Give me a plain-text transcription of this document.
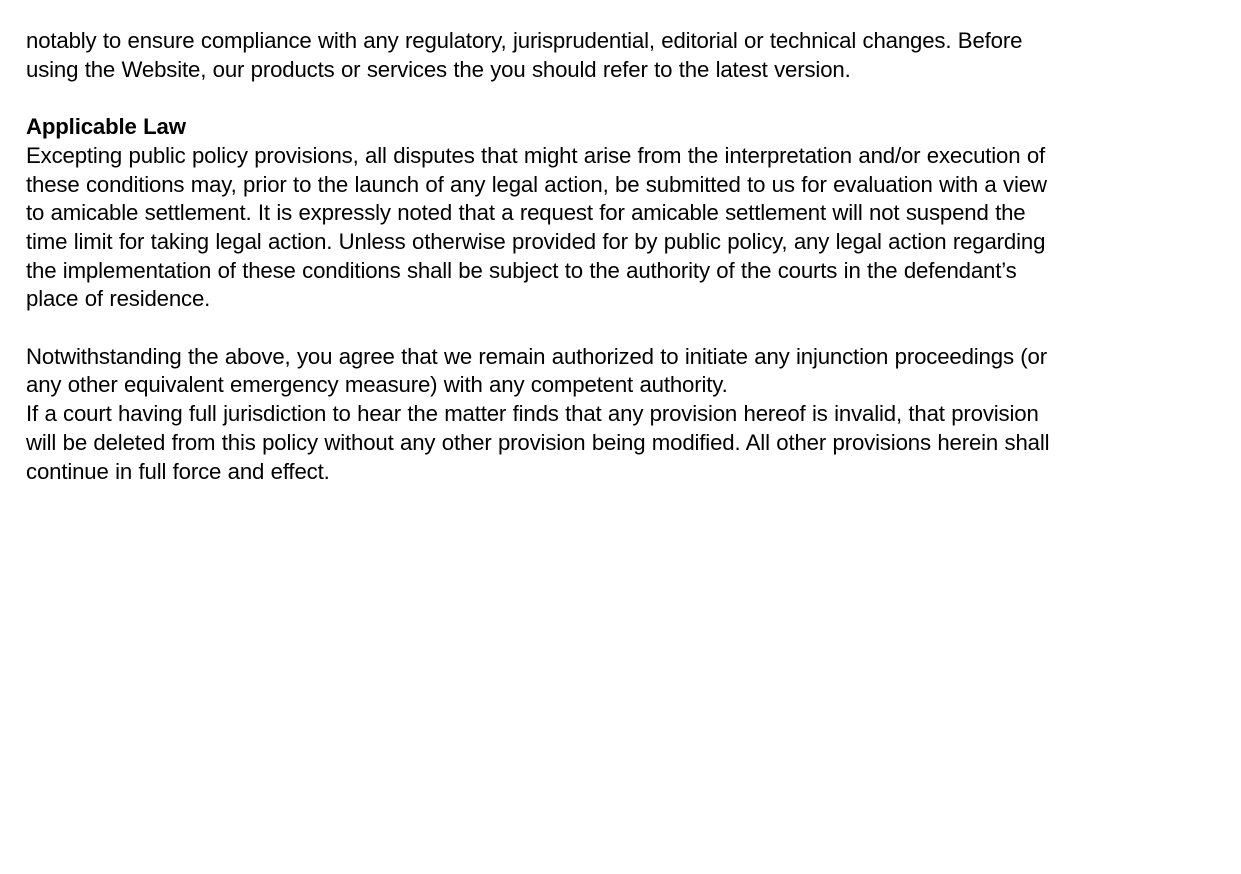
notably to ensure compliance with any regulatory, jurisprudential, editorial or technical changes. Before
using the Website, our products or services the you should refer to the latest version.

Applicable Law

Excepting public policy provisions, all disputes that might arise from the interpretation and/or execution of
these conditions may, prior to the launch of any legal action, be submitted to us for evaluation with a view
to amicable settlement. It is expressly noted that a request for amicable settlement will not suspend the
time limit for taking legal action. Unless otherwise provided for by public policy, any legal action regarding
the implementation of these conditions shall be subject to the authority of the courts in the defendant’s
place of residence.

Notwithstanding the above, you agree that we remain authorized to initiate any injunction proceedings (or
any other equivalent emergency measure) with any competent authority.

If a court having full jurisdiction to hear the matter finds that any provision hereof is invalid, that provision
will be deleted from this policy without any other provision being modified. All other provisions herein shall
continue in full force and effect.
